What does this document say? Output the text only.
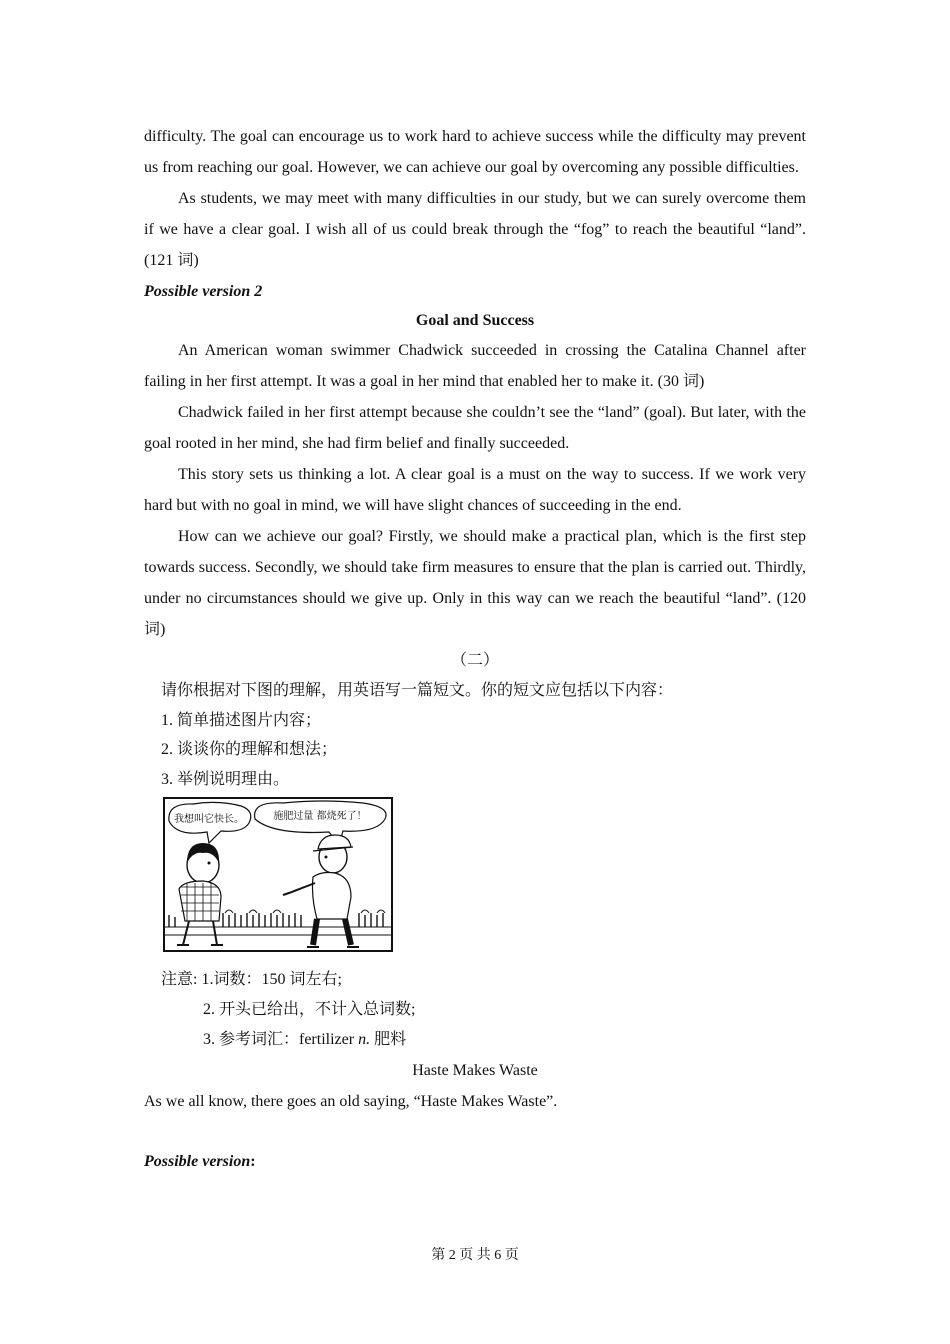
difficulty. The goal can encourage us to work hard to achieve success while the difficulty may prevent us from reaching our goal. However, we can achieve our goal by overcoming any possible difficulties.

As students, we may meet with many difficulties in our study, but we can surely overcome them if we have a clear goal. I wish all of us could break through the “fog” to reach the beautiful “land”. (121 词)

Possible version 2

Goal and Success

An American woman swimmer Chadwick succeeded in crossing the Catalina Channel after failing in her first attempt. It was a goal in her mind that enabled her to make it. (30 词)

Chadwick failed in her first attempt because she couldn’t see the “land” (goal). But later, with the goal rooted in her mind, she had firm belief and finally succeeded.

This story sets us thinking a lot. A clear goal is a must on the way to success. If we work very hard but with no goal in mind, we will have slight chances of succeeding in the end.

How can we achieve our goal? Firstly, we should make a practical plan, which is the first step towards success. Secondly, we should take firm measures to ensure that the plan is carried out. Thirdly, under no circumstances should we give up. Only in this way can we reach the beautiful “land”. (120 词)

（二）

请你根据对下图的理解，用英语写一篇短文。你的短文应包括以下内容：

1. 简单描述图片内容；

2. 谈谈你的理解和想法；

3. 举例说明理由。

我想叫它快长。	施肥过量 都烧死了！

注意: 1.词数：150 词左右;

2. 开头已给出，不计入总词数;

3. 参考词汇：fertilizer n. 肥料

Haste Makes Waste

As we all know, there goes an old saying, “Haste Makes Waste”.

Possible version:

第 2 页 共 6 页
